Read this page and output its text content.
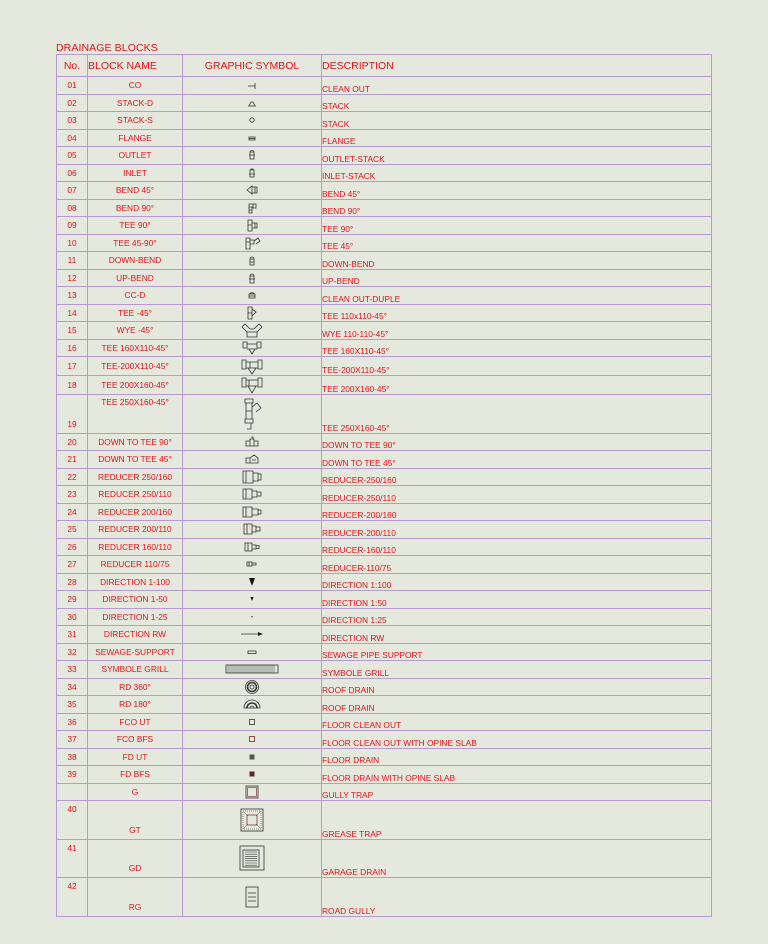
DRAINAGE BLOCKS
No.	BLOCK NAME	GRAPHIC SYMBOL	DESCRIPTION
01	CO		CLEAN OUT
02	STACK-D		STACK
03	STACK-S		STACK
04	FLANGE		FLANGE
05	OUTLET		OUTLET-STACK
06	INLET		INLET-STACK
07	BEND 45°		BEND 45°
08	BEND 90°		BEND 90°
09	TEE 90°		TEE 90°
10	TEE 45-90°		TEE 45°
11	DOWN-BEND		DOWN-BEND
12	UP-BEND		UP-BEND
13	CC-D		CLEAN OUT-DUPLE
14	TEE -45°		TEE 110x110-45°
15	WYE -45°		WYE 110-110-45°
16	TEE 160X110-45°		TEE 160X110-45°
17	TEE-200X110-45°		TEE-200X110-45°
18	TEE 200X160-45°		TEE 200X160-45°
19	TEE 250X160-45°		TEE 250X160-45°
20	DOWN TO TEE 90°		DOWN TO TEE 90°
21	DOWN TO TEE 45°		DOWN TO TEE 45°
22	REDUCER 250/160		REDUCER-250/160
23	REDUCER 250/110		REDUCER-250/110
24	REDUCER 200/160		REDUCER-200/160
25	REDUCER 200/110		REDUCER-200/110
26	REDUCER 160/110		REDUCER-160/110
27	REDUCER 110/75		REDUCER-110/75
28	DIRECTION 1-100		DIRECTION 1:100
29	DIRECTION 1-50		DIRECTION 1:50
30	DIRECTION 1-25		DIRECTION 1:25
31	DIRECTION RW		DIRECTION RW
32	SEWAGE-SUPPORT		SEWAGE PIPE SUPPORT
33	SYMBOLE GRILL		SYMBOLE GRILL
34	RD 360°		ROOF DRAIN
35	RD 180°		ROOF DRAIN
36	FCO UT		FLOOR CLEAN OUT
37	FCO BFS		FLOOR CLEAN OUT WITH OPINE SLAB
38	FD UT		FLOOR DRAIN
39	FD BFS		FLOOR DRAIN WITH OPINE SLAB
	G		GULLY TRAP
40	GT		GREASE TRAP
41	GD		GARAGE DRAIN
42	RG		ROAD GULLY
